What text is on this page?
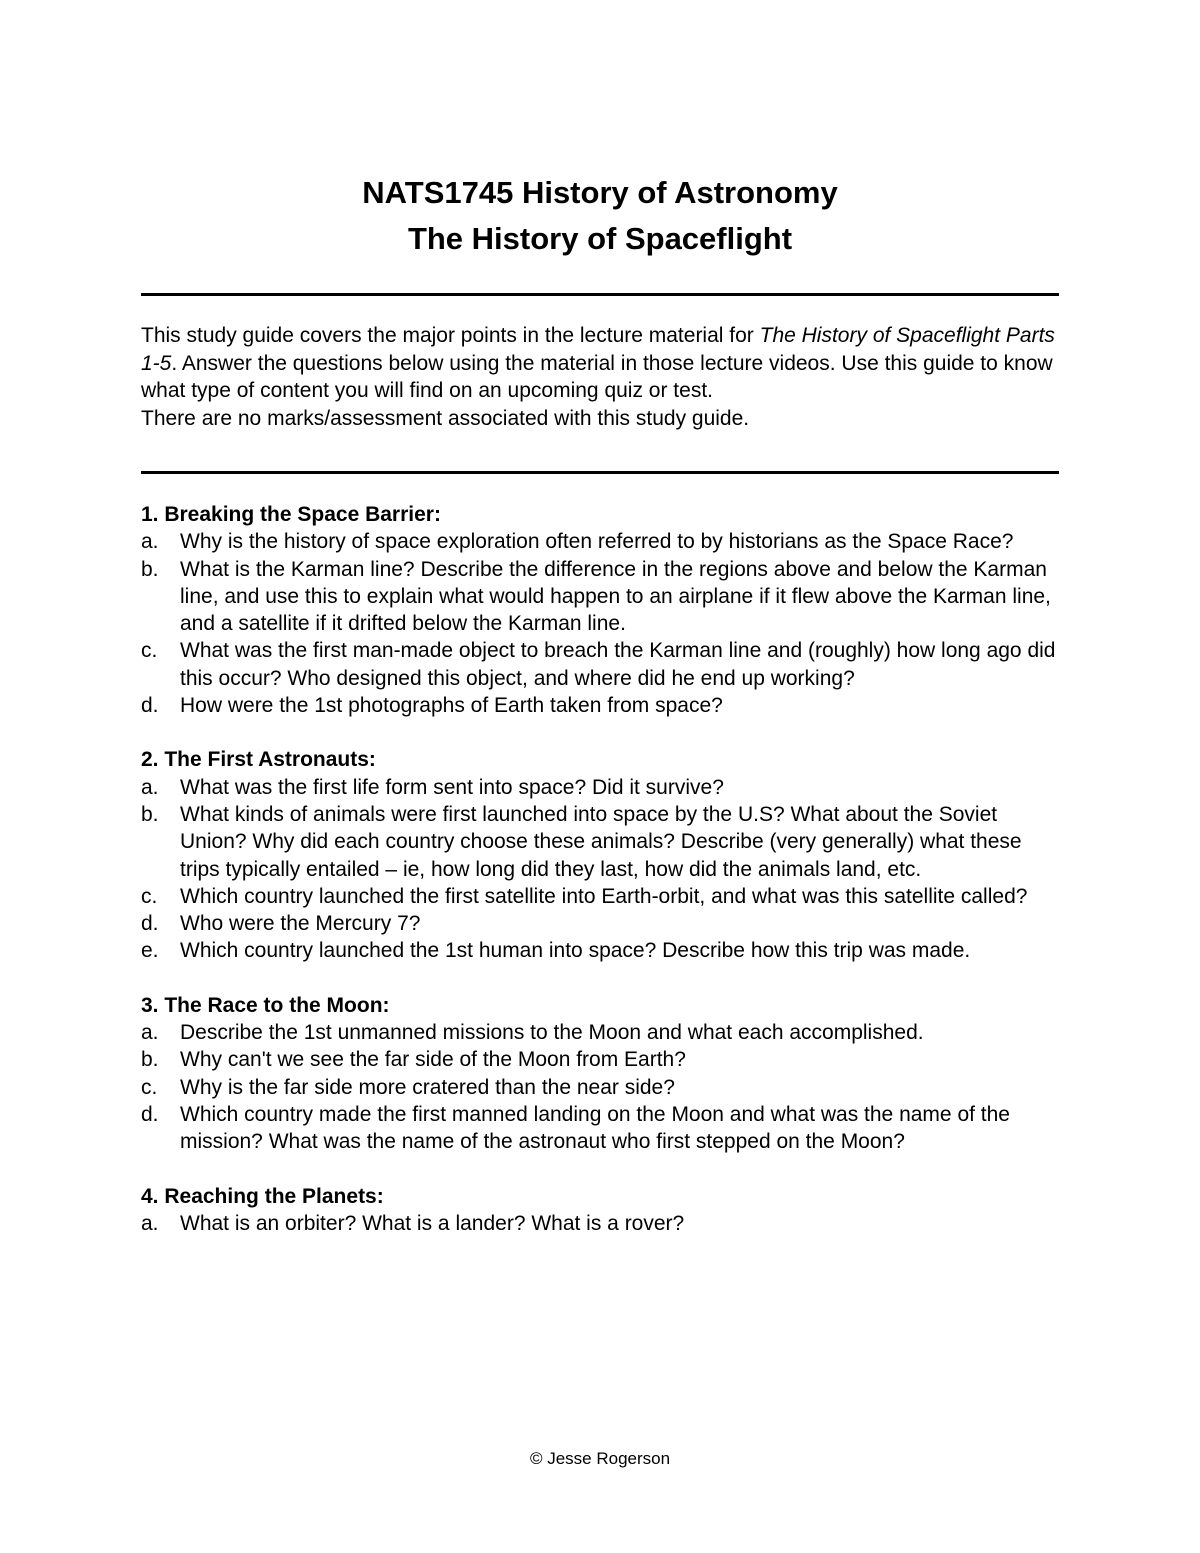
NATS1745 History of Astronomy
The History of Spaceflight

This study guide covers the major points in the lecture material for The History of Spaceflight Parts 1-5. Answer the questions below using the material in those lecture videos. Use this guide to know what type of content you will find on an upcoming quiz or test.

There are no marks/assessment associated with this study guide.

1. Breaking the Space Barrier:

a. Why is the history of space exploration often referred to by historians as the Space Race?
b. What is the Karman line? Describe the difference in the regions above and below the Karman line, and use this to explain what would happen to an airplane if it flew above the Karman line, and a satellite if it drifted below the Karman line.
c. What was the first man-made object to breach the Karman line and (roughly) how long ago did this occur? Who designed this object, and where did he end up working?
d. How were the 1st photographs of Earth taken from space?

2. The First Astronauts:

a. What was the first life form sent into space? Did it survive?
b. What kinds of animals were first launched into space by the U.S? What about the Soviet Union? Why did each country choose these animals? Describe (very generally) what these trips typically entailed – ie, how long did they last, how did the animals land, etc.
c. Which country launched the first satellite into Earth-orbit, and what was this satellite called?
d. Who were the Mercury 7?
e. Which country launched the 1st human into space? Describe how this trip was made.

3. The Race to the Moon:

a. Describe the 1st unmanned missions to the Moon and what each accomplished.
b. Why can't we see the far side of the Moon from Earth?
c. Why is the far side more cratered than the near side?
d. Which country made the first manned landing on the Moon and what was the name of the mission? What was the name of the astronaut who first stepped on the Moon?

4. Reaching the Planets:

a. What is an orbiter? What is a lander? What is a rover?
© Jesse Rogerson
